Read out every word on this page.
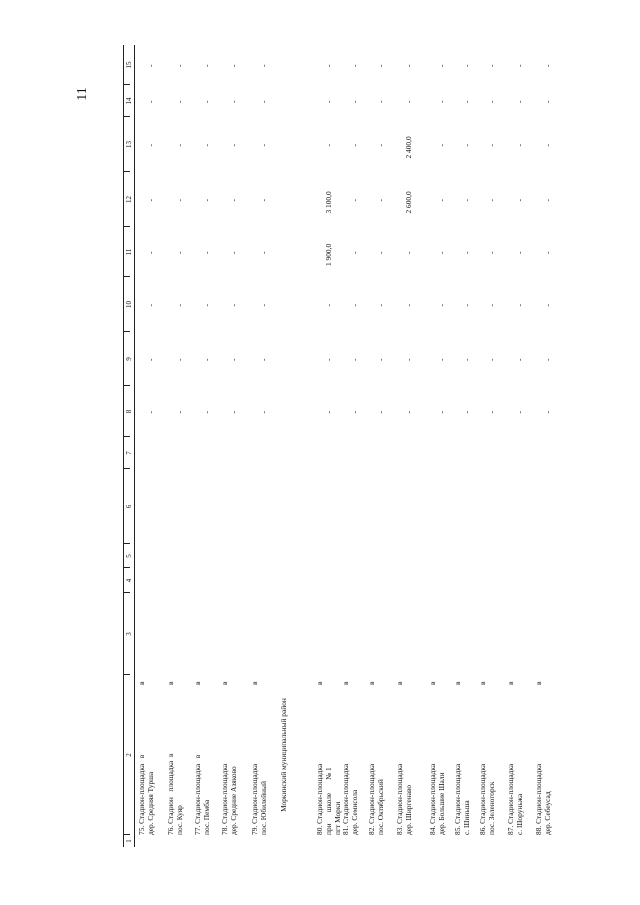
11
1
2
3
4
5
6
7
8
9
10
11
12
13
14
15
Моркинский муниципальный район
75. Стадион-площадка   в
дер. Средняя Турша
в
-
-
-
-
-
-
-
-
76. Стадион   площадка  в
пос. Куяр
в
-
-
-
-
-
-
-
-
77. Стадион-площадка   в
пос. Пемба
в
-
-
-
-
-
-
-
-
78. Стадион-площадка
дер. Средние Азяково
в
-
-
-
-
-
-
-
-
79. Стадион-площадка
пос. Юбилейный
в
-
-
-
-
-
-
-
-
80. Стадион-площадка
при      школе       № 1
пгт Морки
в
-
-
-
1 900,0
3 100,0
-
-
-
81. Стадион-площадка
дер. Семисола
в
-
-
-
-
-
-
-
-
82. Стадион-площадка
пос. Октябрьский
в
-
-
-
-
-
-
-
-
83. Стадион-площадка
дер. Ширгенаво
в
-
-
-
-
2 600,0
2 400,0
-
-
84. Стадион-площадка
дер. Большие Шали
в
-
-
-
-
-
-
-
-
85. Стадион-площадка
с. Шиньша
в
-
-
-
-
-
-
-
-
86. Стадион-площадка
пос. Зеленогорск
в
-
-
-
-
-
-
-
-
87. Стадион-площадка
с. Шоруньжа
в
-
-
-
-
-
-
-
-
88. Стадион-площадка
дер. Себеусад
в
-
-
-
-
-
-
-
-
